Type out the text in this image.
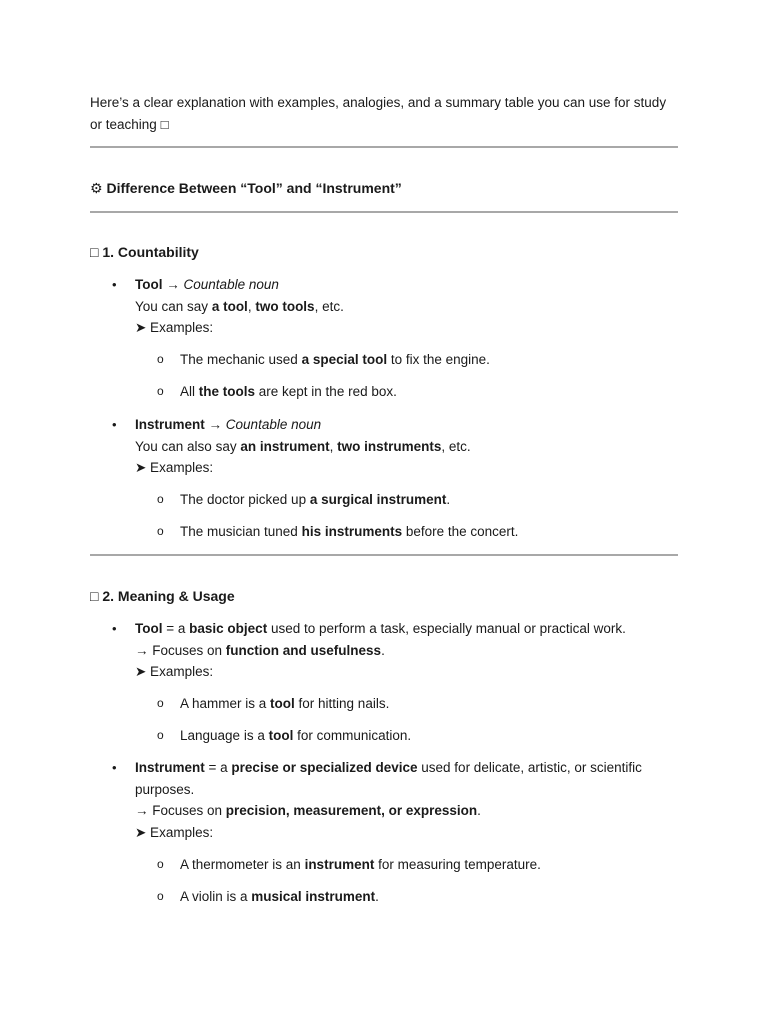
Here’s a clear explanation with examples, analogies, and a summary table you can use for study or teaching □

⚙ Difference Between “Tool” and “Instrument”

□ 1. Countability

• Tool → Countable noun
You can say a tool, two tools, etc.
➤ Examples:
o The mechanic used a special tool to fix the engine.
o All the tools are kept in the red box.
• Instrument → Countable noun
You can also say an instrument, two instruments, etc.
➤ Examples:
o The doctor picked up a surgical instrument.
o The musician tuned his instruments before the concert.

□ 2. Meaning & Usage

• Tool = a basic object used to perform a task, especially manual or practical work.
→ Focuses on function and usefulness.
➤ Examples:
o A hammer is a tool for hitting nails.
o Language is a tool for communication.
• Instrument = a precise or specialized device used for delicate, artistic, or scientific
purposes.
→ Focuses on precision, measurement, or expression.
➤ Examples:
o A thermometer is an instrument for measuring temperature.
o A violin is a musical instrument.
